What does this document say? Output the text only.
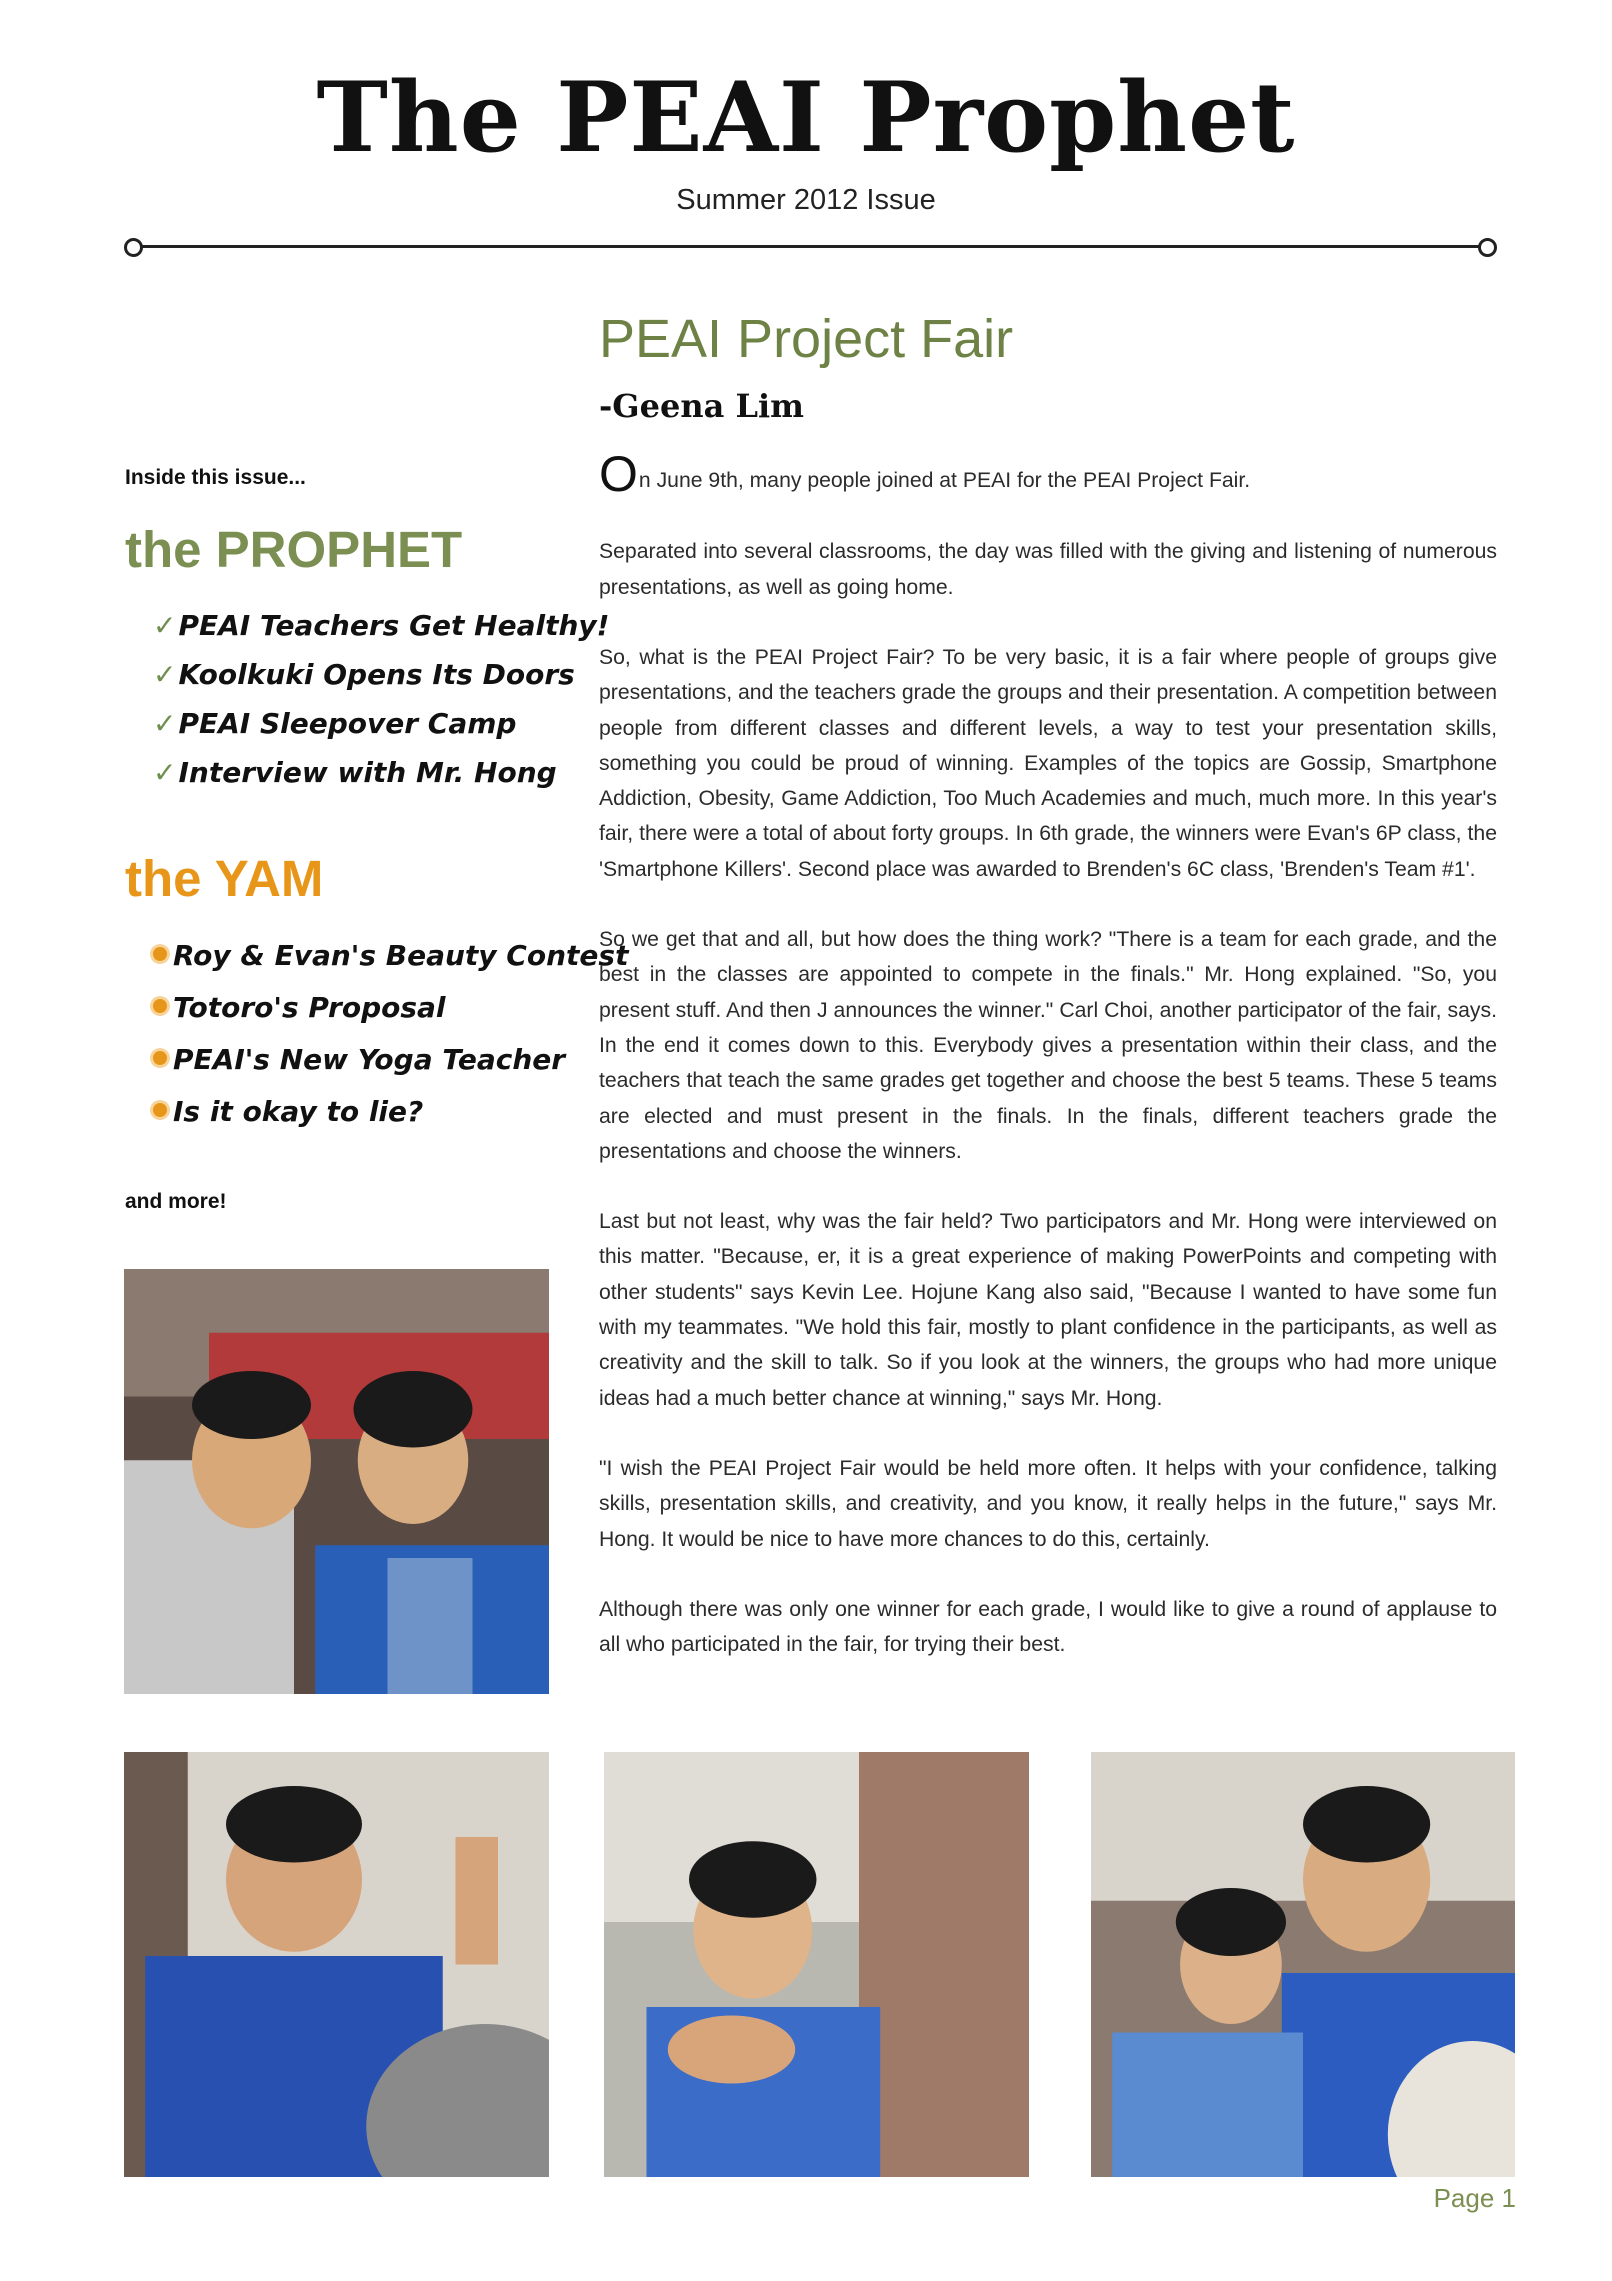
The PEAI Prophet
Summer 2012 Issue
Inside this issue...
the PROPHET
✓PEAI Teachers Get Healthy!
✓Koolkuki Opens Its Doors
✓PEAI Sleepover Camp
✓Interview with Mr. Hong
the YAM
Roy & Evan's Beauty Contest
Totoro's Proposal
PEAI's New Yoga Teacher
Is it okay to lie?
and more!
PEAI Project Fair
-Geena Lim

On June 9th, many people joined at PEAI for the PEAI Project Fair.

Separated into several classrooms, the day was filled with the giving and listening of numerous presentations, as well as going home.

So, what is the PEAI Project Fair? To be very basic, it is a fair where people of groups give presentations, and the teachers grade the groups and their presentation. A competition between people from different classes and different levels, a way to test your presentation skills, something you could be proud of winning. Examples of the topics are Gossip, Smartphone Addiction, Obesity, Game Addiction, Too Much Academies and much, much more. In this year's fair, there were a total of about forty groups. In 6th grade, the winners were Evan's 6P class, the 'Smartphone Killers'. Second place was awarded to Brenden's 6C class, 'Brenden's Team #1'.

So we get that and all, but how does the thing work? "There is a team for each grade, and the best in the classes are appointed to compete in the finals." Mr. Hong explained. "So, you present stuff. And then J announces the winner." Carl Choi, another participator of the fair, says. In the end it comes down to this. Everybody gives a presentation within their class, and the teachers that teach the same grades get together and choose the best 5 teams. These 5 teams are elected and must present in the finals. In the finals, different teachers grade the presentations and choose the winners.

Last but not least, why was the fair held? Two participators and Mr. Hong were interviewed on this matter. "Because, er, it is a great experience of making PowerPoints and competing with other students" says Kevin Lee. Hojune Kang also said, "Because I wanted to have some fun with my teammates. "We hold this fair, mostly to plant confidence in the participants, as well as creativity and the skill to talk. So if you look at the winners, the groups who had more unique ideas had a much better chance at winning," says Mr. Hong.

"I wish the PEAI Project Fair would be held more often. It helps with your confidence, talking skills, presentation skills, and creativity, and you know, it really helps in the future," says Mr. Hong. It would be nice to have more chances to do this, certainly.

Although there was only one winner for each grade, I would like to give a round of applause to all who participated in the fair, for trying their best.

Page 1
